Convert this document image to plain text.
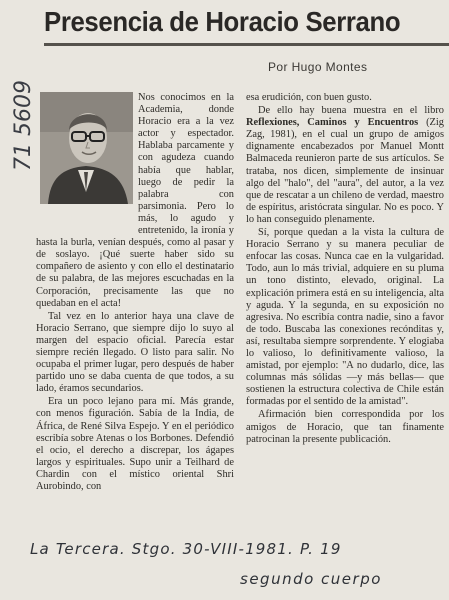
Presencia de Horacio Serrano
Por Hugo Montes
71 5609	Nos conocimos en la Academia, donde Horacio era a la vez actor y espectador. Hablaba parcamente y con agudeza cuando había que hablar, luego de pedir la palabra con parsimonia. Pero lo más, lo agudo y entretenido, la ironía y hasta la burla, venían después, como al pasar y de soslayo. ¡Qué suerte haber sido su compañero de asiento y con ello el destinatario de su palabra, de las mejores escuchadas en la Corporación, precisamente las que no quedaban en el acta!

Tal vez en lo anterior haya una clave de Horacio Serrano, que siempre dijo lo suyo al margen del espacio oficial. Parecía estar siempre recién llegado. O listo para salir. No ocupaba el primer lugar, pero después de haber partido uno se daba cuenta de que todos, a su lado, éramos secundarios.

Era un poco lejano para mí. Más grande, con menos figuración. Sabía de la India, de África, de René Silva Espejo. Y en el periódico escribía sobre Atenas o los Borbones. Defendió el ocio, el derecho a discrepar, los ágapes largos y espirituales. Supo unir a Teilhard de Chardin con el místico oriental Shri Aurobindo, con

esa erudición, con buen gusto.

De ello hay buena muestra en el libro Reflexiones, Caminos y Encuentros (Zig Zag, 1981), en el cual un grupo de amigos dignamente encabezados por Manuel Montt Balmaceda reunieron parte de sus artículos. Se trataba, nos dicen, simplemente de insinuar algo del "halo", del "aura", del autor, a la vez que de rescatar a un chileno de verdad, maestro de espíritus, aristócrata singular. No es poco. Y lo han conseguido plenamente.

Sí, porque quedan a la vista la cultura de Horacio Serrano y su manera peculiar de enfocar las cosas. Nunca cae en la vulgaridad. Todo, aun lo más trivial, adquiere en su pluma un tono distinto, elevado, original. La explicación primera está en su inteligencia, alta y aguda. Y la segunda, en su exposición no agresiva. No escribía contra nadie, sino a favor de todo. Buscaba las conexiones recónditas y, así, resultaba siempre sorprendente. Y elogiaba lo valioso, lo definitivamente valioso, la amistad, por ejemplo: "A no dudarlo, dice, las columnas más sólidas —y más bellas— que sostienen la estructura colectiva de Chile están formadas por el sentido de la amistad".

Afirmación bien correspondida por los amigos de Horacio, que tan finamente patrocinan la presente publicación.

La Tercera. Stgo. 30-VIII-1981. P. 19
segundo cuerpo
